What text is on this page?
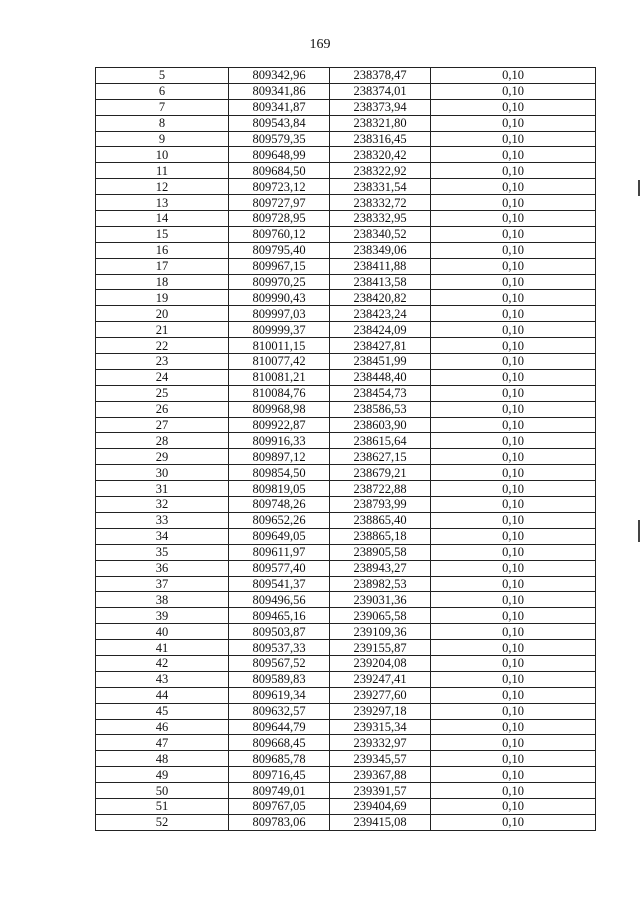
169
5	809342,96	238378,47	0,10
6	809341,86	238374,01	0,10
7	809341,87	238373,94	0,10
8	809543,84	238321,80	0,10
9	809579,35	238316,45	0,10
10	809648,99	238320,42	0,10
11	809684,50	238322,92	0,10
12	809723,12	238331,54	0,10
13	809727,97	238332,72	0,10
14	809728,95	238332,95	0,10
15	809760,12	238340,52	0,10
16	809795,40	238349,06	0,10
17	809967,15	238411,88	0,10
18	809970,25	238413,58	0,10
19	809990,43	238420,82	0,10
20	809997,03	238423,24	0,10
21	809999,37	238424,09	0,10
22	810011,15	238427,81	0,10
23	810077,42	238451,99	0,10
24	810081,21	238448,40	0,10
25	810084,76	238454,73	0,10
26	809968,98	238586,53	0,10
27	809922,87	238603,90	0,10
28	809916,33	238615,64	0,10
29	809897,12	238627,15	0,10
30	809854,50	238679,21	0,10
31	809819,05	238722,88	0,10
32	809748,26	238793,99	0,10
33	809652,26	238865,40	0,10
34	809649,05	238865,18	0,10
35	809611,97	238905,58	0,10
36	809577,40	238943,27	0,10
37	809541,37	238982,53	0,10
38	809496,56	239031,36	0,10
39	809465,16	239065,58	0,10
40	809503,87	239109,36	0,10
41	809537,33	239155,87	0,10
42	809567,52	239204,08	0,10
43	809589,83	239247,41	0,10
44	809619,34	239277,60	0,10
45	809632,57	239297,18	0,10
46	809644,79	239315,34	0,10
47	809668,45	239332,97	0,10
48	809685,78	239345,57	0,10
49	809716,45	239367,88	0,10
50	809749,01	239391,57	0,10
51	809767,05	239404,69	0,10
52	809783,06	239415,08	0,10
